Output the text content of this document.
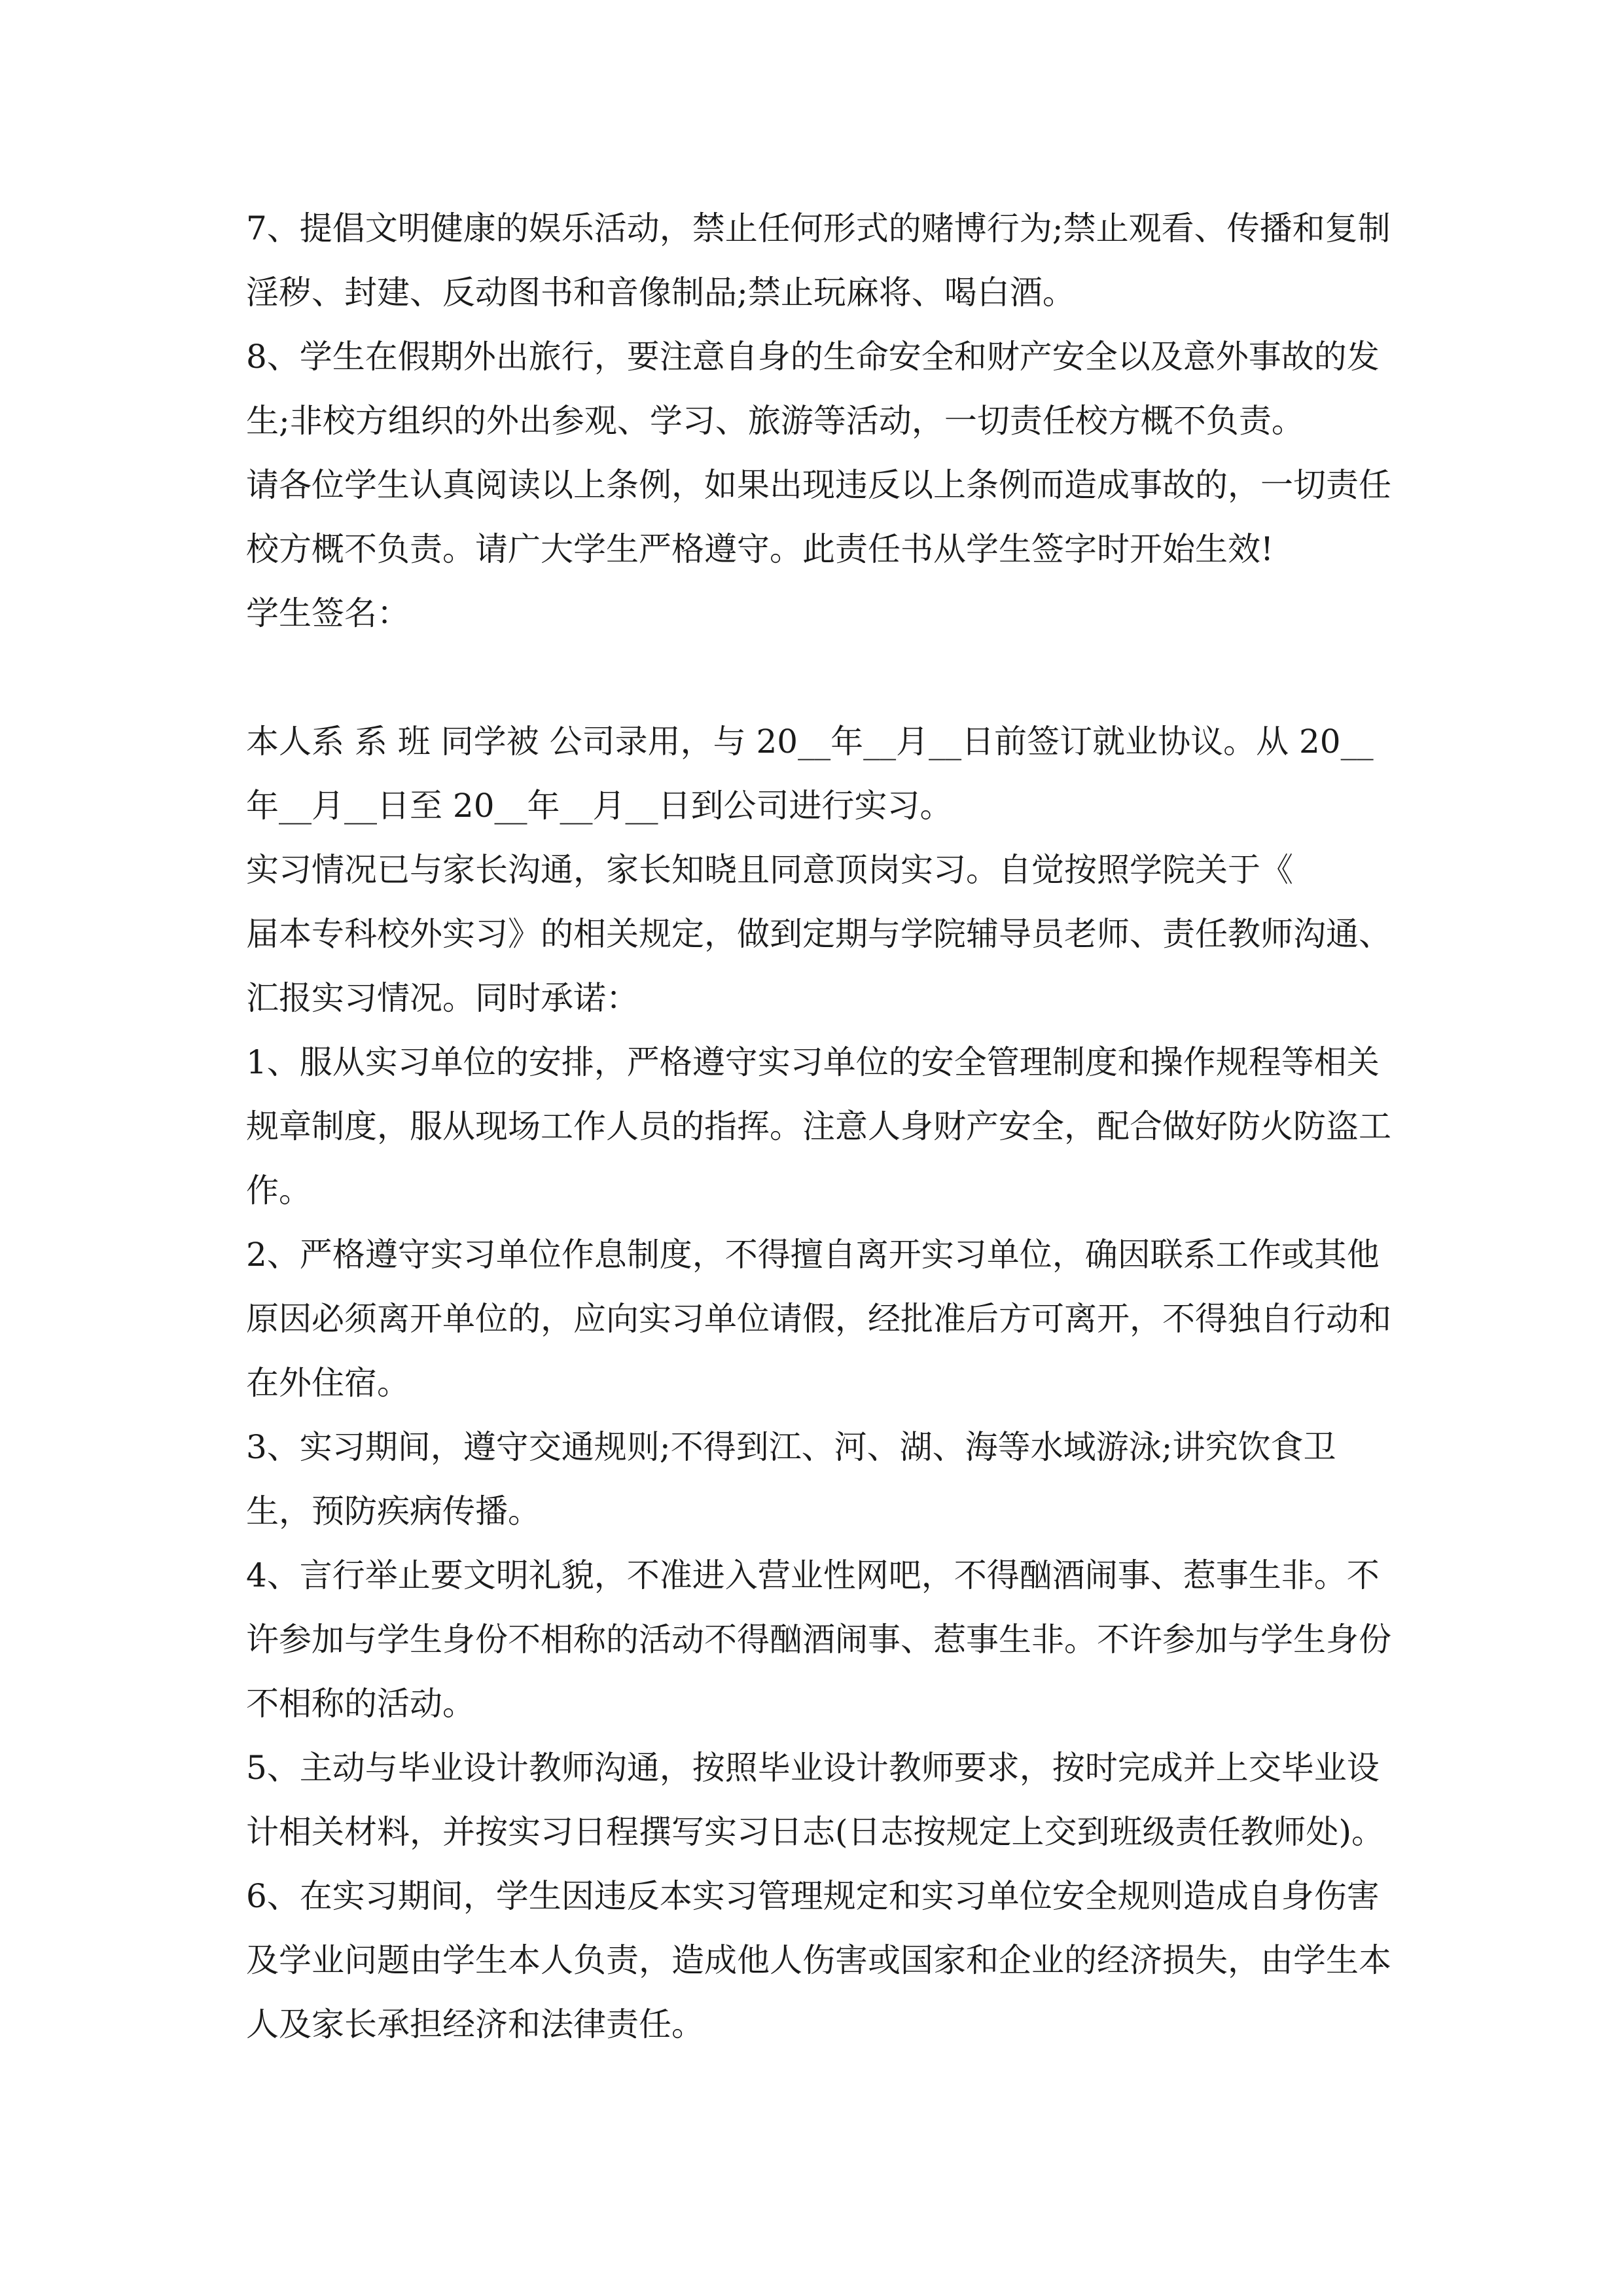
7、提倡文明健康的娱乐活动，禁止任何形式的赌博行为;禁止观看、传播和复制淫秽、封建、反动图书和音像制品;禁止玩麻将、喝白酒。

8、学生在假期外出旅行，要注意自身的生命安全和财产安全以及意外事故的发生;非校方组织的外出参观、学习、旅游等活动，一切责任校方概不负责。

请各位学生认真阅读以上条例，如果出现违反以上条例而造成事故的，一切责任校方概不负责。请广大学生严格遵守。此责任书从学生签字时开始生效!

学生签名：

本人系 系 班 同学被 公司录用，与 20__年__月__日前签订就业协议。从 20__年__月__日至 20__年__月__日到公司进行实习。

实习情况已与家长沟通，家长知晓且同意顶岗实习。自觉按照学院关于《

届本专科校外实习》的相关规定，做到定期与学院辅导员老师、责任教师沟通、汇报实习情况。同时承诺：

1、服从实习单位的安排，严格遵守实习单位的安全管理制度和操作规程等相关规章制度，服从现场工作人员的指挥。注意人身财产安全，配合做好防火防盗工作。

2、严格遵守实习单位作息制度，不得擅自离开实习单位，确因联系工作或其他原因必须离开单位的，应向实习单位请假，经批准后方可离开，不得独自行动和在外住宿。

3、实习期间，遵守交通规则;不得到江、河、湖、海等水域游泳;讲究饮食卫生，预防疾病传播。

4、言行举止要文明礼貌，不准进入营业性网吧，不得酗酒闹事、惹事生非。不许参加与学生身份不相称的活动不得酗酒闹事、惹事生非。不许参加与学生身份不相称的活动。

5、主动与毕业设计教师沟通，按照毕业设计教师要求，按时完成并上交毕业设计相关材料，并按实习日程撰写实习日志(日志按规定上交到班级责任教师处)。

6、在实习期间，学生因违反本实习管理规定和实习单位安全规则造成自身伤害及学业问题由学生本人负责，造成他人伤害或国家和企业的经济损失，由学生本人及家长承担经济和法律责任。
